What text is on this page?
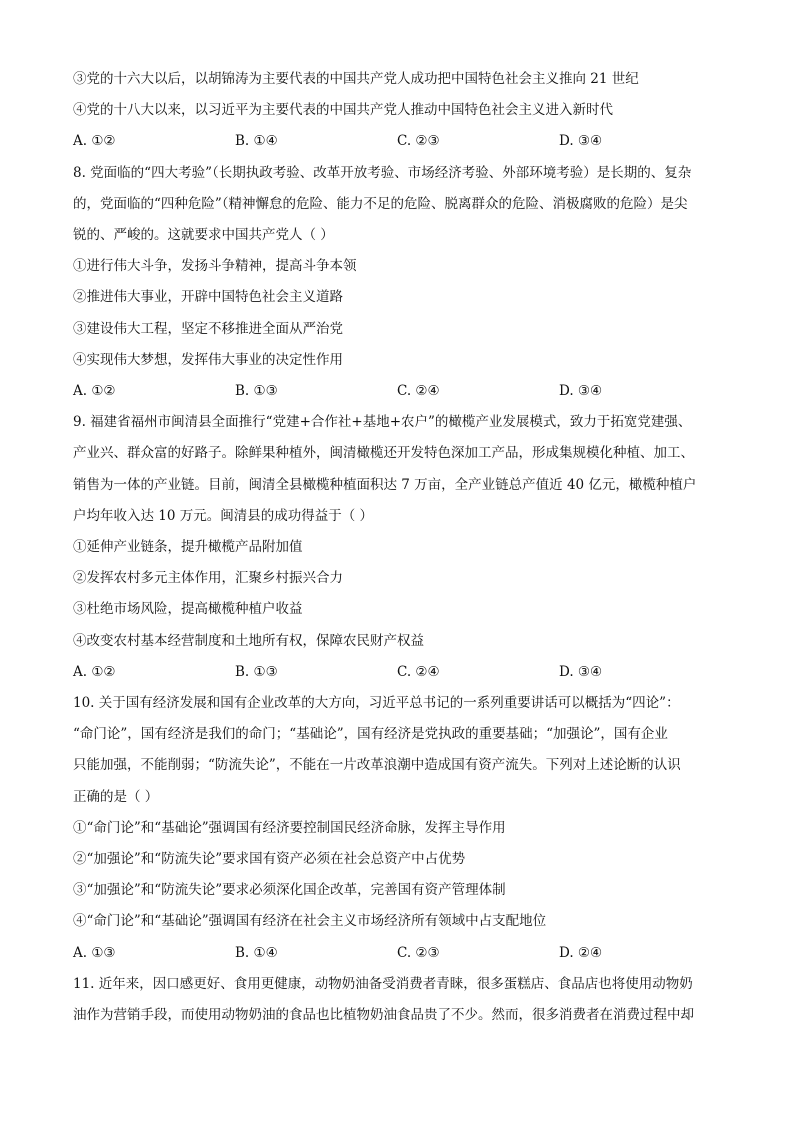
③党的十六大以后，以胡锦涛为主要代表的中国共产党人成功把中国特色社会主义推向 21 世纪
④党的十八大以来，以习近平为主要代表的中国共产党人推动中国特色社会主义进入新时代
A. ①②	B. ①④	C. ②③	D. ③④
8. 党面临的“四大考验”（长期执政考验、改革开放考验、市场经济考验、外部环境考验）是长期的、复杂
的，党面临的“四种危险”（精神懈怠的危险、能力不足的危险、脱离群众的危险、消极腐败的危险）是尖
锐的、严峻的。这就要求中国共产党人（ ）
①进行伟大斗争，发扬斗争精神，提高斗争本领
②推进伟大事业，开辟中国特色社会主义道路
③建设伟大工程，坚定不移推进全面从严治党
④实现伟大梦想，发挥伟大事业的决定性作用
A. ①②	B. ①③	C. ②④	D. ③④
9. 福建省福州市闽清县全面推行“党建+合作社+基地+农户”的橄榄产业发展模式，致力于拓宽党建强、
产业兴、群众富的好路子。除鲜果种植外，闽清橄榄还开发特色深加工产品，形成集规模化种植、加工、
销售为一体的产业链。目前，闽清全县橄榄种植面积达 7 万亩，全产业链总产值近 40 亿元，橄榄种植户
户均年收入达 10 万元。闽清县的成功得益于（ ）
①延伸产业链条，提升橄榄产品附加值
②发挥农村多元主体作用，汇聚乡村振兴合力
③杜绝市场风险，提高橄榄种植户收益
④改变农村基本经营制度和土地所有权，保障农民财产权益
A. ①②	B. ①③	C. ②④	D. ③④
10. 关于国有经济发展和国有企业改革的大方向，习近平总书记的一系列重要讲话可以概括为“四论”：
“命门论”，国有经济是我们的命门；“基础论”，国有经济是党执政的重要基础；“加强论”，国有企业
只能加强，不能削弱；“防流失论”，不能在一片改革浪潮中造成国有资产流失。下列对上述论断的认识
正确的是（ ）
①“命门论”和“基础论”强调国有经济要控制国民经济命脉，发挥主导作用
②“加强论”和“防流失论”要求国有资产必须在社会总资产中占优势
③“加强论”和“防流失论”要求必须深化国企改革，完善国有资产管理体制
④“命门论”和“基础论”强调国有经济在社会主义市场经济所有领域中占支配地位
A. ①③	B. ①④	C. ②③	D. ②④
11. 近年来，因口感更好、食用更健康，动物奶油备受消费者青睐，很多蛋糕店、食品店也将使用动物奶
油作为营销手段，而使用动物奶油的食品也比植物奶油食品贵了不少。然而，很多消费者在消费过程中却
